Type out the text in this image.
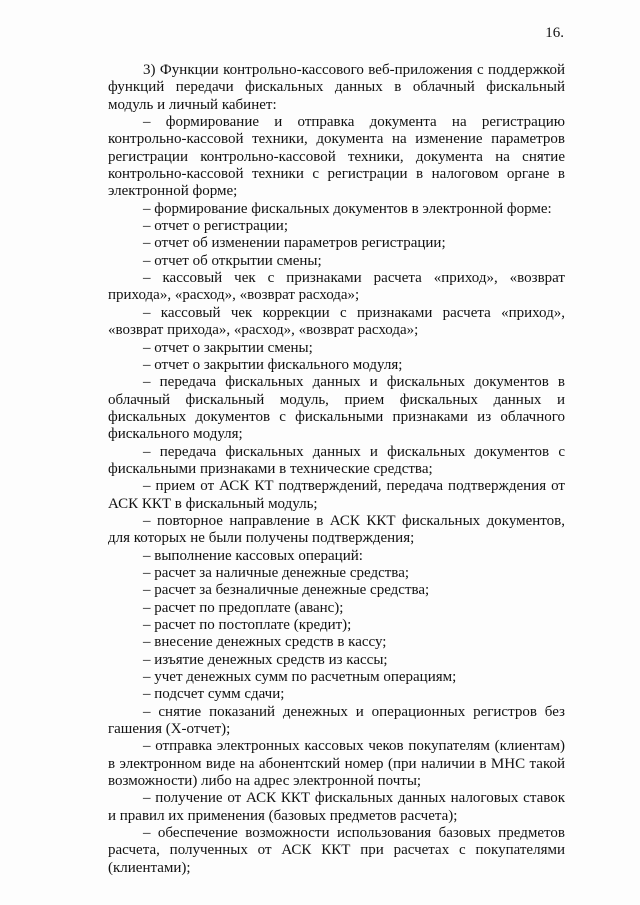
16.

3) Функции контрольно-кассового веб-приложения с поддержкой функций передачи фискальных данных в облачный фискальный модуль и личный кабинет:

– формирование и отправка документа на регистрацию контрольно-кассовой техники, документа на изменение параметров регистрации контрольно-кассовой техники, документа на снятие контрольно-кассовой техники с регистрации в налоговом органе в электронной форме;

– формирование фискальных документов в электронной форме:

– отчет о регистрации;

– отчет об изменении параметров регистрации;

– отчет об открытии смены;

– кассовый чек с признаками расчета «приход», «возврат прихода», «расход», «возврат расхода»;

– кассовый чек коррекции с признаками расчета «приход», «возврат прихода», «расход», «возврат расхода»;

– отчет о закрытии смены;

– отчет о закрытии фискального модуля;

– передача фискальных данных и фискальных документов в облачный фискальный модуль, прием фискальных данных и фискальных документов с фискальными признаками из облачного фискального модуля;

– передача фискальных данных и фискальных документов с фискальными признаками в технические средства;

– прием от АСК КТ подтверждений, передача подтверждения от АСК ККТ в фискальный модуль;

– повторное направление в АСК ККТ фискальных документов, для которых не были получены подтверждения;

– выполнение кассовых операций:

– расчет за наличные денежные средства;

– расчет за безналичные денежные средства;

– расчет по предоплате (аванс);

– расчет по постоплате (кредит);

– внесение денежных средств в кассу;

– изъятие денежных средств из кассы;

– учет денежных сумм по расчетным операциям;

– подсчет сумм сдачи;

– снятие показаний денежных и операционных регистров без гашения (X-отчет);

– отправка электронных кассовых чеков покупателям (клиентам) в электронном виде на абонентский номер (при наличии в МНС такой возможности) либо на адрес электронной почты;

– получение от АСК ККТ фискальных данных налоговых ставок и правил их применения (базовых предметов расчета);

– обеспечение возможности использования базовых предметов расчета, полученных от АСК ККТ при расчетах с покупателями (клиентами);
